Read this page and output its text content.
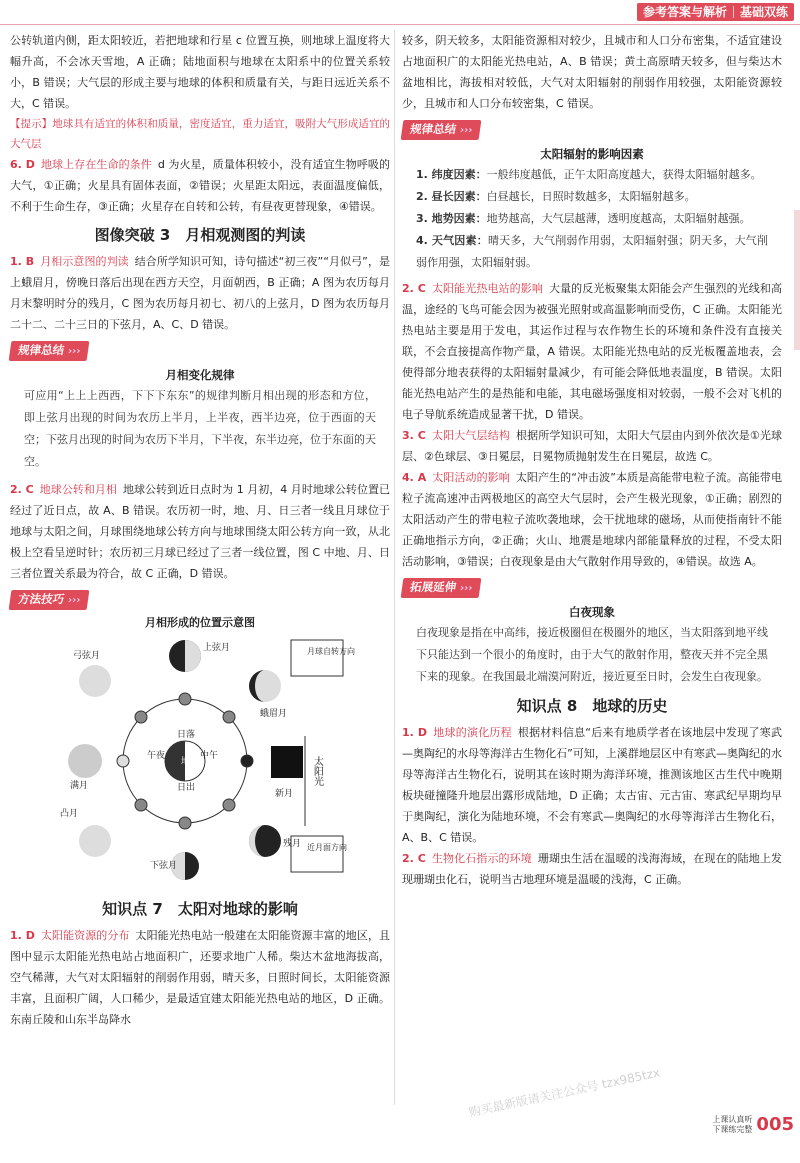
参考答案与解析 基础双练

公转轨道内侧，距太阳较近，若把地球和行星 c 位置互换，则地球上温度将大幅升高，不会冰天雪地，A 正确；陆地面积与地球在太阳系中的位置关系较小，B 错误；大气层的形成主要与地球的体积和质量有关，与距日远近关系不大，C 错误。

【提示】地球具有适宜的体积和质量，密度适宜，重力适宜，吸附大气形成适宜的大气层

6. D 地球上存在生命的条件 d 为火星，质量体积较小，没有适宜生物呼吸的大气，①正确；火星具有固体表面，②错误；火星距太阳远，表面温度偏低，不利于生命生存，③正确；火星存在自转和公转，有昼夜更替现象，④错误。

图像突破 3　月相观测图的判读

1. B 月相示意图的判读 结合所学知识可知，诗句描述“初三夜”“月似弓”，是上蛾眉月，傍晚日落后出现在西方天空，月面朝西，B 正确；A 图为农历每月月末黎明时分的残月，C 图为农历每月初七、初八的上弦月，D 图为农历每月二十二、二十三日的下弦月，A、C、D 错误。

规律总结 ›››
月相变化规律
可应用“上上上西西，下下下东东”的规律判断月相出现的形态和方位，即上弦月出现的时间为农历上半月，上半夜，西半边亮，位于西面的天空；下弦月出现的时间为农历下半月，下半夜，东半边亮，位于东面的天空。

2. C 地球公转和月相 地球公转到近日点时为 1 月初，4 月时地球公转位置已经过了近日点，故 A、B 错误。农历初一时，地、月、日三者一线且月球位于地球与太阳之间，月球围绕地球公转方向与地球围绕太阳公转方向一致，从北极上空看呈逆时针；农历初三月球已经过了三者一线位置，图 C 中地、月、日三者位置关系最为符合，故 C 正确，D 错误。

方法技巧 ›››
月相形成的位置示意图
午夜	中午
日落
日出
地
上弦月
蛾眉月
新月
残月
下弦月
凸月
满月
弓弦月
太阳光
月球自转方向
近月面方向
知识点 7　太阳对地球的影响

1. D 太阳能资源的分布 太阳能光热电站一般建在太阳能资源丰富的地区，且图中显示太阳能光热电站占地面积广，还要求地广人稀。柴达木盆地海拔高，空气稀薄，大气对太阳辐射的削弱作用弱，晴天多，日照时间长，太阳能资源丰富，且面积广阔，人口稀少，是最适宜建太阳能光热电站的地区，D 正确。东南丘陵和山东半岛降水

较多，阴天较多，太阳能资源相对较少，且城市和人口分布密集，不适宜建设占地面积广的太阳能光热电站，A、B 错误；黄土高原晴天较多，但与柴达木盆地相比，海拔相对较低，大气对太阳辐射的削弱作用较强，太阳能资源较少，且城市和人口分布较密集，C 错误。

规律总结 ›››
太阳辐射的影响因素
1. 纬度因素：一般纬度越低，正午太阳高度越大，获得太阳辐射越多。
2. 昼长因素：白昼越长，日照时数越多，太阳辐射越多。
3. 地势因素：地势越高，大气层越薄，透明度越高，太阳辐射越强。
4. 天气因素：晴天多，大气削弱作用弱，太阳辐射强；阴天多，大气削弱作用强，太阳辐射弱。

2. C 太阳能光热电站的影响 大量的反光板聚集太阳能会产生强烈的光线和高温，途经的飞鸟可能会因为被强光照射或高温影响而受伤，C 正确。太阳能光热电站主要是用于发电，其运作过程与农作物生长的环境和条件没有直接关联，不会直接提高作物产量，A 错误。太阳能光热电站的反光板覆盖地表，会使得部分地表获得的太阳辐射量减少，有可能会降低地表温度，B 错误。太阳能光热电站产生的是热能和电能，其电磁场强度相对较弱，一般不会对飞机的电子导航系统造成显著干扰，D 错误。

3. C 太阳大气层结构 根据所学知识可知，太阳大气层由内到外依次是①光球层、②色球层、③日冕层，日冕物质抛射发生在日冕层，故选 C。

4. A 太阳活动的影响 太阳产生的“冲击波”本质是高能带电粒子流。高能带电粒子流高速冲击两极地区的高空大气层时，会产生极光现象，①正确；剧烈的太阳活动产生的带电粒子流吹袭地球，会干扰地球的磁场，从而使指南针不能正确地指示方向，②正确；火山、地震是地球内部能量释放的过程，不受太阳活动影响，③错误；白夜现象是由大气散射作用导致的，④错误。故选 A。

拓展延伸 ›››
白夜现象
白夜现象是指在中高纬，接近极圈但在极圈外的地区，当太阳落到地平线下只能达到一个很小的角度时，由于大气的散射作用，整夜天并不完全黑下来的现象。在我国最北端漠河附近，接近夏至日时，会发生白夜现象。
知识点 8　地球的历史

1. D 地球的演化历程 根据材料信息“后来有地质学者在该地层中发现了寒武—奥陶纪的水母等海洋古生物化石”可知，上溪群地层区中有寒武—奥陶纪的水母等海洋古生物化石，说明其在该时期为海洋环境，推测该地区古生代中晚期板块碰撞隆升地层出露形成陆地，D 正确；太古宙、元古宙、寒武纪早期均早于奥陶纪，演化为陆地环境，不会有寒武—奥陶纪的水母等海洋古生物化石，A、B、C 错误。

2. C 生物化石指示的环境 珊瑚虫生活在温暖的浅海海域，在现在的陆地上发现珊瑚虫化石，说明当古地理环境是温暖的浅海，C 正确。

购买最新版请关注公众号 tzx985tzx	上课认真听
下课练完整 005
